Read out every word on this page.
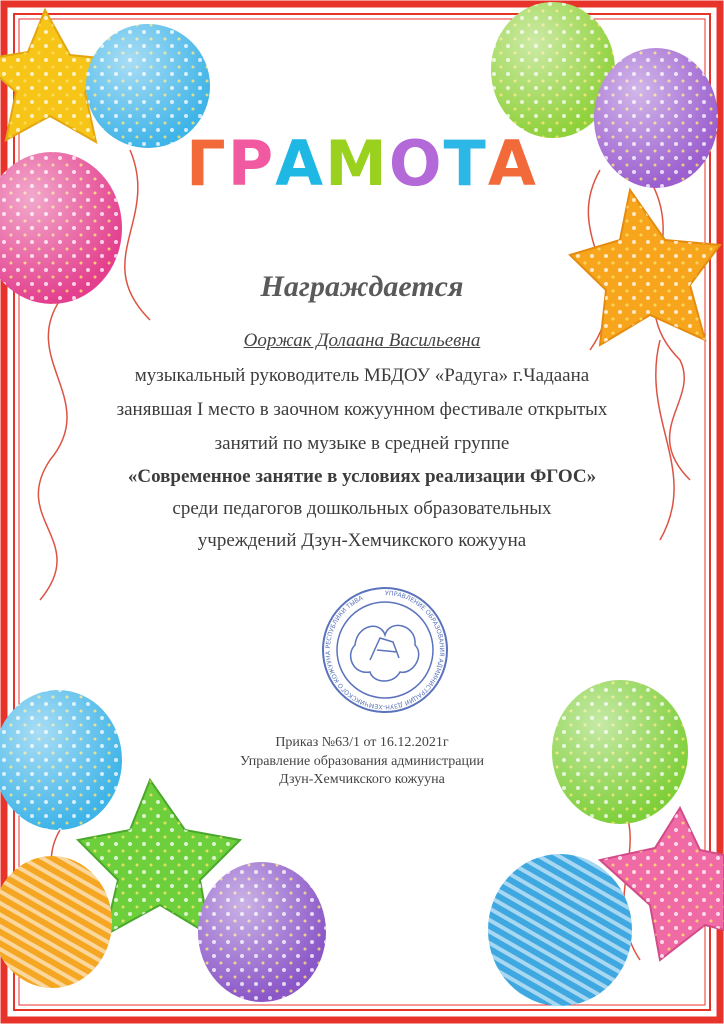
ГРАМОТА
УПРАВЛЕНИЕ ОБРАЗОВАНИЯ АДМИНИСТРАЦИИ ДЗУН-ХЕМЧИКСКОГО КОЖУУНА РЕСПУБЛИКИ ТЫВА
Награждается
Ооржак Долаана Васильевна
музыкальный руководитель МБДОУ «Радуга» г.Чадаана
занявшая I место в заочном кожуунном фестивале открытых
занятий по музыке в средней группе
«Современное занятие в условиях реализации ФГОС»
среди педагогов дошкольных образовательных
учреждений Дзун-Хемчикского кожууна
Приказ №63/1 от 16.12.2021г
Управление образования администрации
Дзун-Хемчикского кожууна
